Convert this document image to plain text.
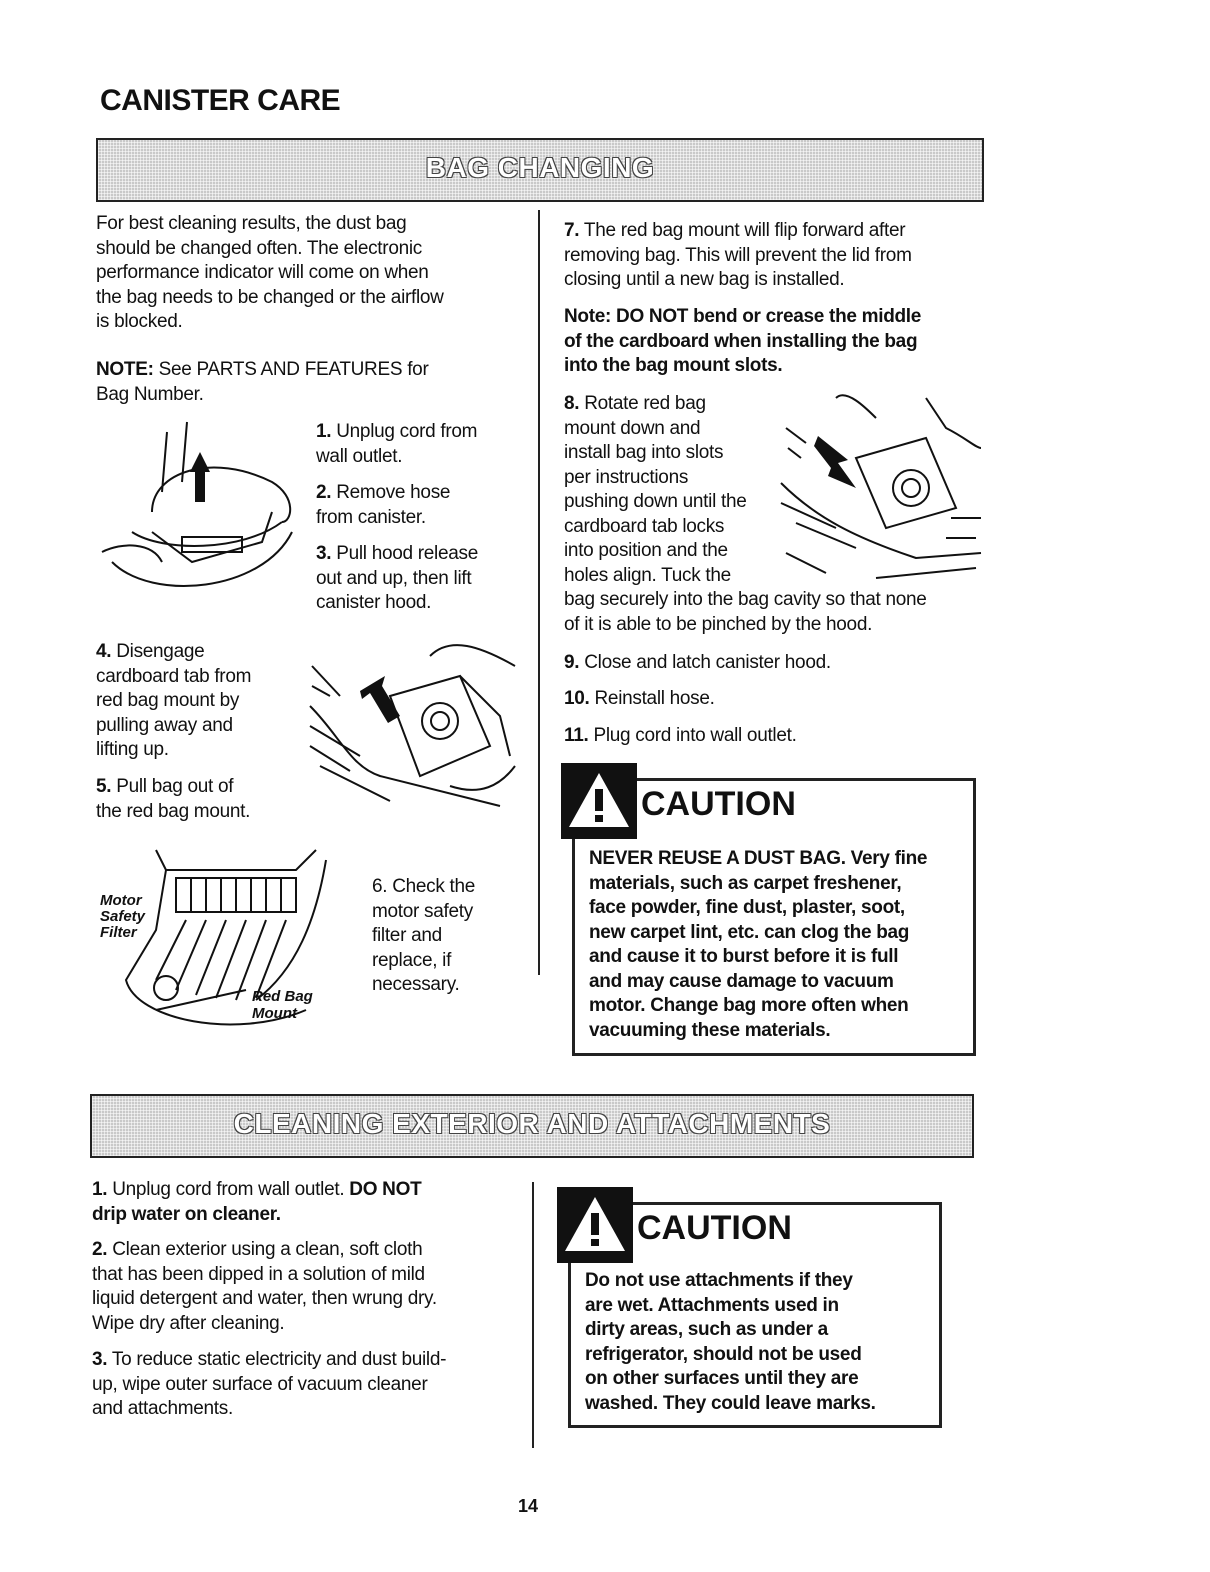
CANISTER CARE
BAG CHANGING
For best cleaning results, the dust bag
should be changed often. The electronic
performance indicator will come on when
the bag needs to be changed or the airflow
is blocked.
NOTE: See PARTS AND FEATURES for
Bag Number.
1. Unplug cord from
wall outlet.
2. Remove hose
from canister.
3. Pull hood release
out and up, then lift
canister hood.
4. Disengage
cardboard tab from
red bag mount by
pulling away and
lifting up.
5. Pull bag out of
the red bag mount.
Motor
Safety
Filter
Red Bag
Mount
6. Check the
motor safety
filter and
replace, if
necessary.
7. The red bag mount will flip forward after
removing bag. This will prevent the lid from
closing until a new bag is installed.
Note: DO NOT bend or crease the middle
of the cardboard when installing the bag
into the bag mount slots.
8. Rotate red bag
mount down and
install bag into slots
per instructions
pushing down until the
cardboard tab locks
into position and the
holes align. Tuck the
bag securely into the bag cavity so that none
of it is able to be pinched by the hood.
9. Close and latch canister hood.
10. Reinstall hose.
11. Plug cord into wall outlet.
CAUTION
NEVER REUSE A DUST BAG. Very fine
materials, such as carpet freshener,
face powder, fine dust, plaster, soot,
new carpet lint, etc. can clog the bag
and cause it to burst before it is full
and may cause damage to vacuum
motor. Change bag more often when
vacuuming these materials.
CLEANING EXTERIOR AND ATTACHMENTS
1. Unplug cord from wall outlet. DO NOT
drip water on cleaner.
2. Clean exterior using a clean, soft cloth
that has been dipped in a solution of mild
liquid detergent and water, then wrung dry.
Wipe dry after cleaning.
3. To reduce static electricity and dust build-
up, wipe outer surface of vacuum cleaner
and attachments.
CAUTION
Do not use attachments if they
are wet. Attachments used in
dirty areas, such as under a
refrigerator, should not be used
on other surfaces until they are
washed. They could leave marks.
14
